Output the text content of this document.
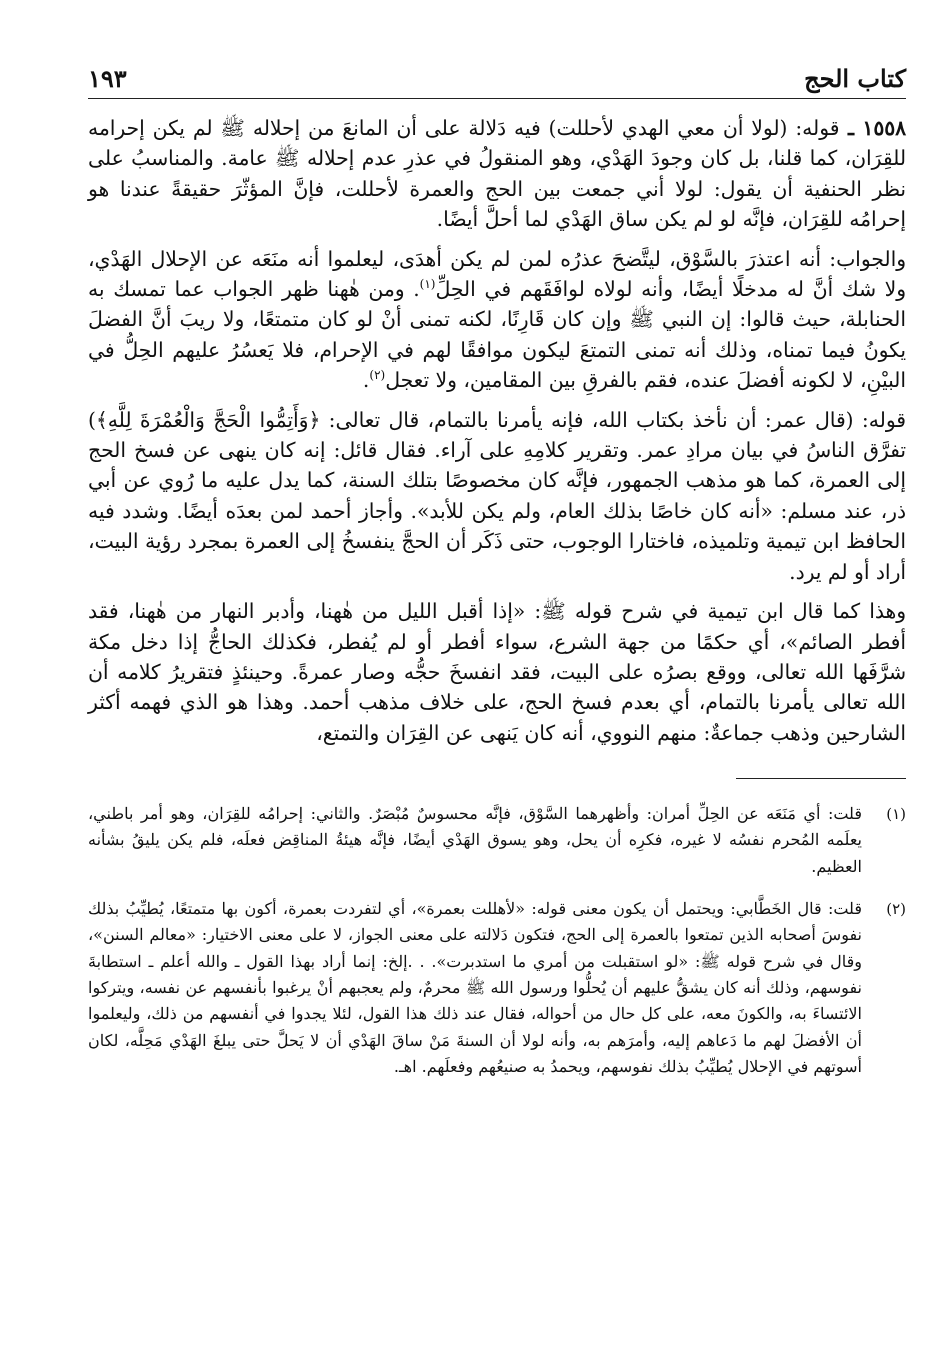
كتاب الحج
١٩٣

١٥٥٨ ـ قوله: (لولا أن معي الهدي لأحللت) فيه دَلالة على أن المانعَ من إحلاله ﷺ لم يكن إحرامه للقِرَان، كما قلنا، بل كان وجودَ الهَدْي، وهو المنقولُ في عذرِ عدم إحلاله ﷺ عامة. والمناسبُ على نظر الحنفية أن يقول: لولا أني جمعت بين الحج والعمرة لأحللت، فإنَّ المؤثّرَ حقيقةً عندنا هو إحرامُه للقِرَان، فإنَّه لو لم يكن ساق الهَدْي لما أحلَّ أيضًا.

والجواب: أنه اعتذرَ بالسَّوْق، ليتَّضحَ عذرُه لمن لم يكن أهدَى، ليعلموا أنه منَعَه عن الإحلال الهَدْي، ولا شك أنَّ له مدخلًا أيضًا، وأنه لولاه لوافَقَهم في الحِلِّ$^{(١)}$. ومن هٰهنا ظهر الجواب عما تمسك به الحنابلة، حيث قالوا: إن النبي ﷺ وإن كان قَارِنًا، لكنه تمنى أنْ لو كان متمتعًا، ولا ريبَ أنَّ الفضلَ يكونُ فيما تمناه، وذلك أنه تمنى التمتعَ ليكون موافقًا لهم في الإحرام، فلا يَعسُرُ عليهم الحِلُّ في البيْنِ، لا لكونه أفضلَ عنده، فقم بالفرقِ بين المقامين، ولا تعجل$^{(٢)}$.

قوله: (قال عمر: أن نأخذ بكتاب الله، فإنه يأمرنا بالتمام، قال تعالى: ﴿وَأَتِمُّوا الْحَجَّ وَالْعُمْرَةَ لِلَّهِ﴾) تفرَّق الناسُ في بيان مرادِ عمر. وتقرير كلامِهِ على آراء. فقال قائل: إنه كان ينهى عن فسخ الحج إلى العمرة، كما هو مذهب الجمهور، فإنَّه كان مخصوصًا بتلك السنة، كما يدل عليه ما رُوي عن أبي ذر، عند مسلم: «أنه كان خاصًا بذلك العام، ولم يكن للأبد». وأجاز أحمد لمن بعدَه أيضًا. وشدد فيه الحافظ ابن تيمية وتلميذه، فاختارا الوجوب، حتى ذَكَر أن الحجَّ ينفسخُ إلى العمرة بمجرد رؤية البيت، أراد أو لم يرد.

وهذا كما قال ابن تيمية في شرح قوله ﷺ: «إذا أقبل الليل من هٰهنا، وأدبر النهار من هٰهنا، فقد أفطر الصائم»، أي حكمًا من جهة الشرع، سواء أفطر أو لم يُفطر، فكذلك الحاجُّ إذا دخل مكة شرَّفَها الله تعالى، ووقع بصرُه على البيت، فقد انفسخَ حجُّه وصار عمرةً. وحينئذٍ فتقريرُ كلامه أن الله تعالى يأمرنا بالتمام، أي بعدم فسخ الحج، على خلاف مذهب أحمد. وهذا هو الذي فهمه أكثر الشارحين وذهب جماعةٌ: منهم النووي، أنه كان يَنهى عن القِرَان والتمتع،

(١)
قلت: أي مَنَعَه عن الحِلِّ أمران: وأظهرهما السَّوْق، فإنَّه محسوسٌ مُبْصَرٌ. والثاني: إحرامُه للقِرَان، وهو أمر باطني، يعلَمه المُحرم نفسُه لا غيره، فكرِه أن يحل، وهو يسوق الهَدْي أيضًا، فإنَّه هيئةُ المناقِض فعلَه، فلم يكن يليقُ بشأنه العظيم.
(٢)
قلت: قال الخَطَّابي: ويحتمل أن يكون معنى قوله: «لأهللت بعمرة»، أي لتفردت بعمرة، أكون بها متمتعًا، يُطيِّبُ بذلك نفوسَ أصحابه الذين تمتعوا بالعمرة إلى الحج، فتكون دَلالته على معنى الجواز، لا على معنى الاختيار: «معالم السنن»، وقال في شرح قوله ﷺ: «لو استقبلت من أمري ما استدبرت». . .إلخ: إنما أراد بهذا القول ـ والله أعلم ـ استطابةَ نفوسهم، وذلك أنه كان يشقُّ عليهم أن يُحلُّوا ورسول الله ﷺ محرمٌ، ولم يعجبهم أنْ يرغبوا بأنفسهم عن نفسه، ويتركوا الائتساءَ به، والكونَ معه، على كل حال من أحواله، فقال عند ذلك هذا القول، لئلا يجدوا في أنفسهم من ذلك، وليعلموا أن الأفضلَ لهم ما دَعاهم إليه، وأمرَهم به، وأنه لولا أن السنةَ مَنْ ساقَ الهَدْي أن لا يَحلَّ حتى يبلغَ الهَدْي مَحِلَّه، لكان أسوتهم في الإحلال يُطيِّبُ بذلك نفوسهم، ويحمدُ به صنيعُهم وفعلَهم. اهـ.
